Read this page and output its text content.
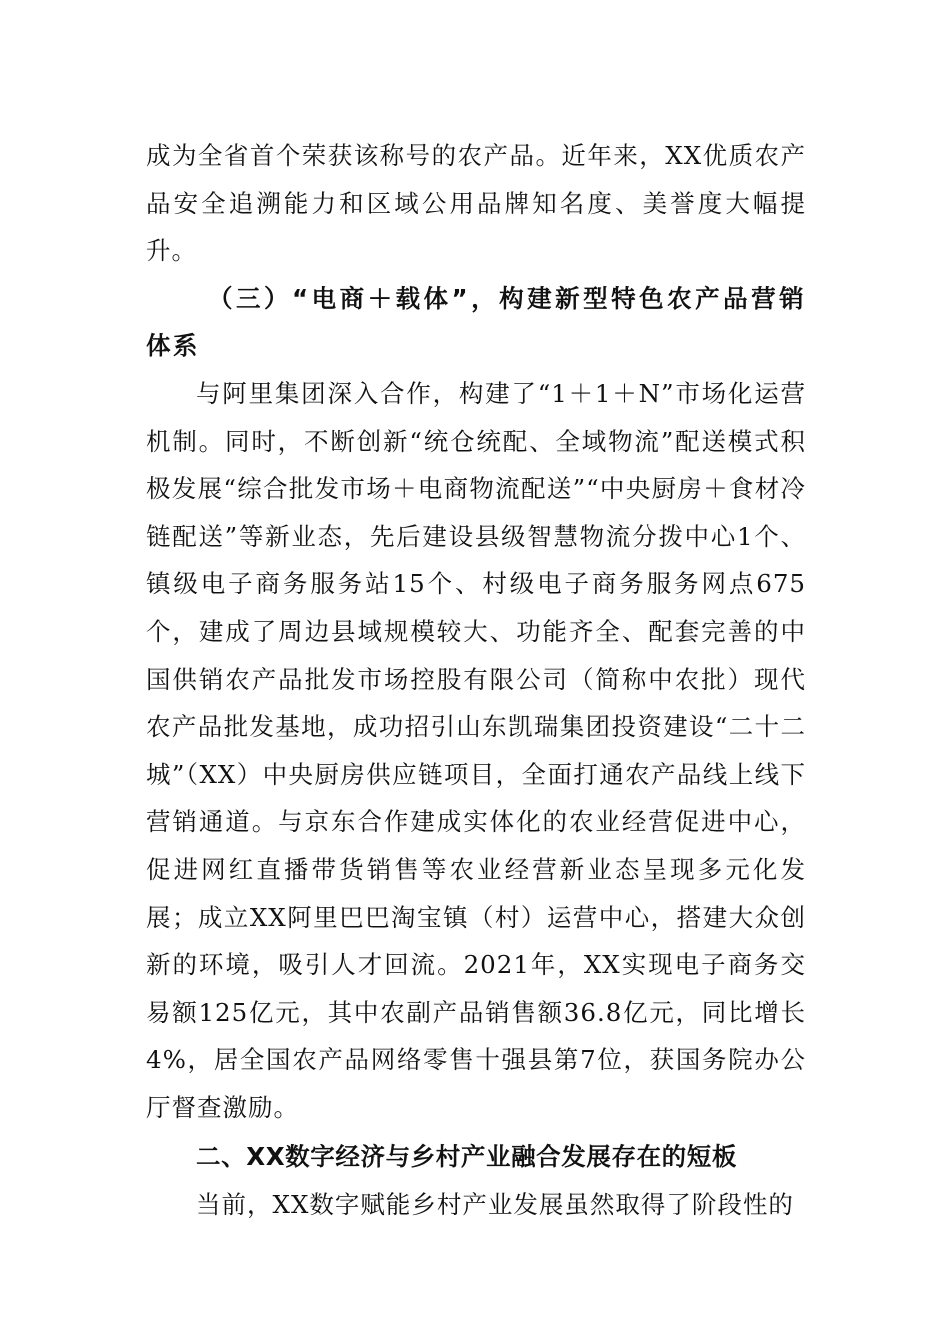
成为全省首个荣获该称号的农产品。近年来，XX优质农产品安全追溯能力和区域公用品牌知名度、美誉度大幅提升。

（三）“电商＋载体”，构建新型特色农产品营销体系

与阿里集团深入合作，构建了“1＋1＋N”市场化运营机制。同时，不断创新“统仓统配、全域物流”配送模式积极发展“综合批发市场＋电商物流配送”“中央厨房＋食材冷链配送”等新业态，先后建设县级智慧物流分拨中心1个、镇级电子商务服务站15个、村级电子商务服务网点675个，建成了周边县域规模较大、功能齐全、配套完善的中国供销农产品批发市场控股有限公司（简称中农批）现代农产品批发基地，成功招引山东凯瑞集团投资建设“二十二城”（XX）中央厨房供应链项目，全面打通农产品线上线下营销通道。与京东合作建成实体化的农业经营促进中心，促进网红直播带货销售等农业经营新业态呈现多元化发展；成立XX阿里巴巴淘宝镇（村）运营中心，搭建大众创新的环境，吸引人才回流。2021年，XX实现电子商务交易额125亿元，其中农副产品销售额36.8亿元，同比增长4%，居全国农产品网络零售十强县第7位，获国务院办公厅督查激励。

二、XX数字经济与乡村产业融合发展存在的短板

当前，XX数字赋能乡村产业发展虽然取得了阶段性的
